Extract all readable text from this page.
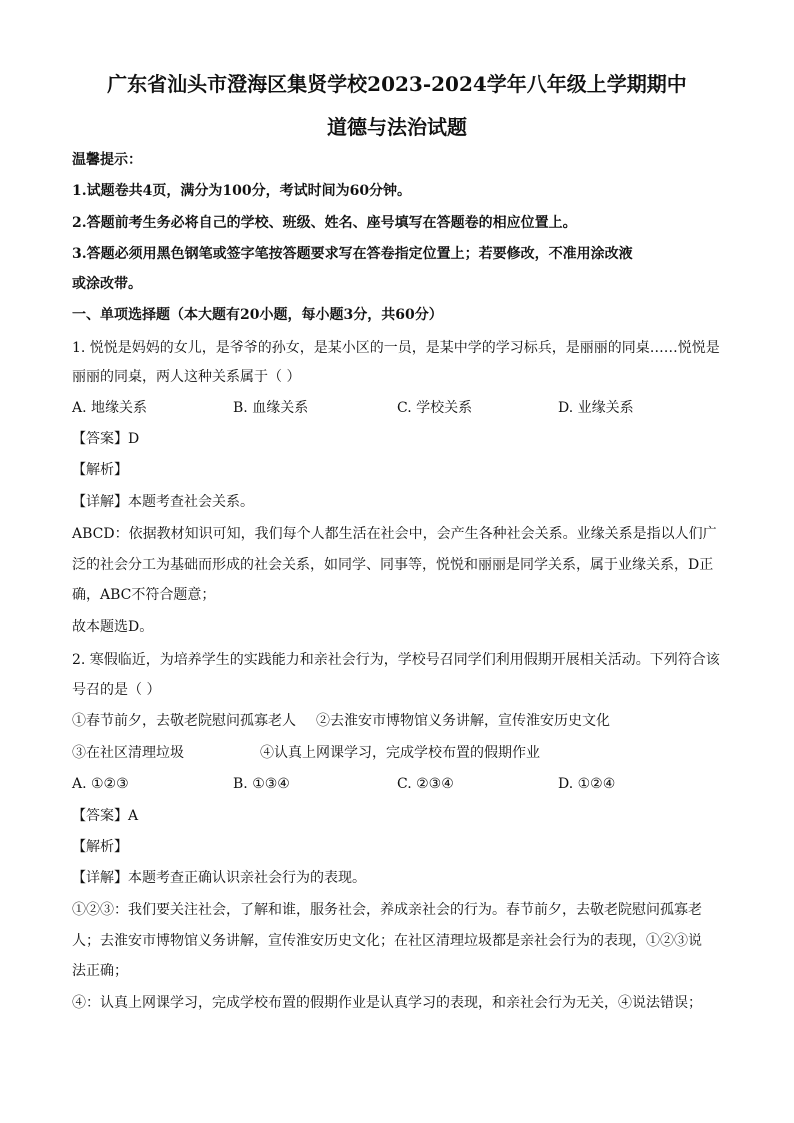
广东省汕头市澄海区集贤学校2023-2024学年八年级上学期期中
道德与法治试题
温馨提示：
1.试题卷共4页，满分为100分，考试时间为60分钟。
2.答题前考生务必将自己的学校、班级、姓名、座号填写在答题卷的相应位置上。
3.答题必须用黑色钢笔或签字笔按答题要求写在答卷指定位置上；若要修改，不准用涂改液
或涂改带。
一、单项选择题（本大题有20小题，每小题3分，共60分）
1. 悦悦是妈妈的女儿，是爷爷的孙女，是某小区的一员，是某中学的学习标兵，是丽丽的同桌……悦悦是
丽丽的同桌，两人这种关系属于（ ）
A. 地缘关系	B. 血缘关系	C. 学校关系	D. 业缘关系
【答案】D
【解析】
【详解】本题考查社会关系。
ABCD：依据教材知识可知，我们每个人都生活在社会中，会产生各种社会关系。业缘关系是指以人们广
泛的社会分工为基础而形成的社会关系，如同学、同事等，悦悦和丽丽是同学关系，属于业缘关系，D正
确，ABC不符合题意；
故本题选D。
2. 寒假临近，为培养学生的实践能力和亲社会行为，学校号召同学们利用假期开展相关活动。下列符合该
号召的是（ ）
①春节前夕，去敬老院慰问孤寡老人 ②去淮安市博物馆义务讲解，宣传淮安历史文化
③在社区清理垃圾	④认真上网课学习，完成学校布置的假期作业
A. ①②③	B. ①③④	C. ②③④	D. ①②④
【答案】A
【解析】
【详解】本题考查正确认识亲社会行为的表现。
①②③：我们要关注社会，了解和谁，服务社会，养成亲社会的行为。春节前夕，去敬老院慰问孤寡老
人；去淮安市博物馆义务讲解，宣传淮安历史文化；在社区清理垃圾都是亲社会行为的表现，①②③说
法正确；
④：认真上网课学习，完成学校布置的假期作业是认真学习的表现，和亲社会行为无关，④说法错误；
